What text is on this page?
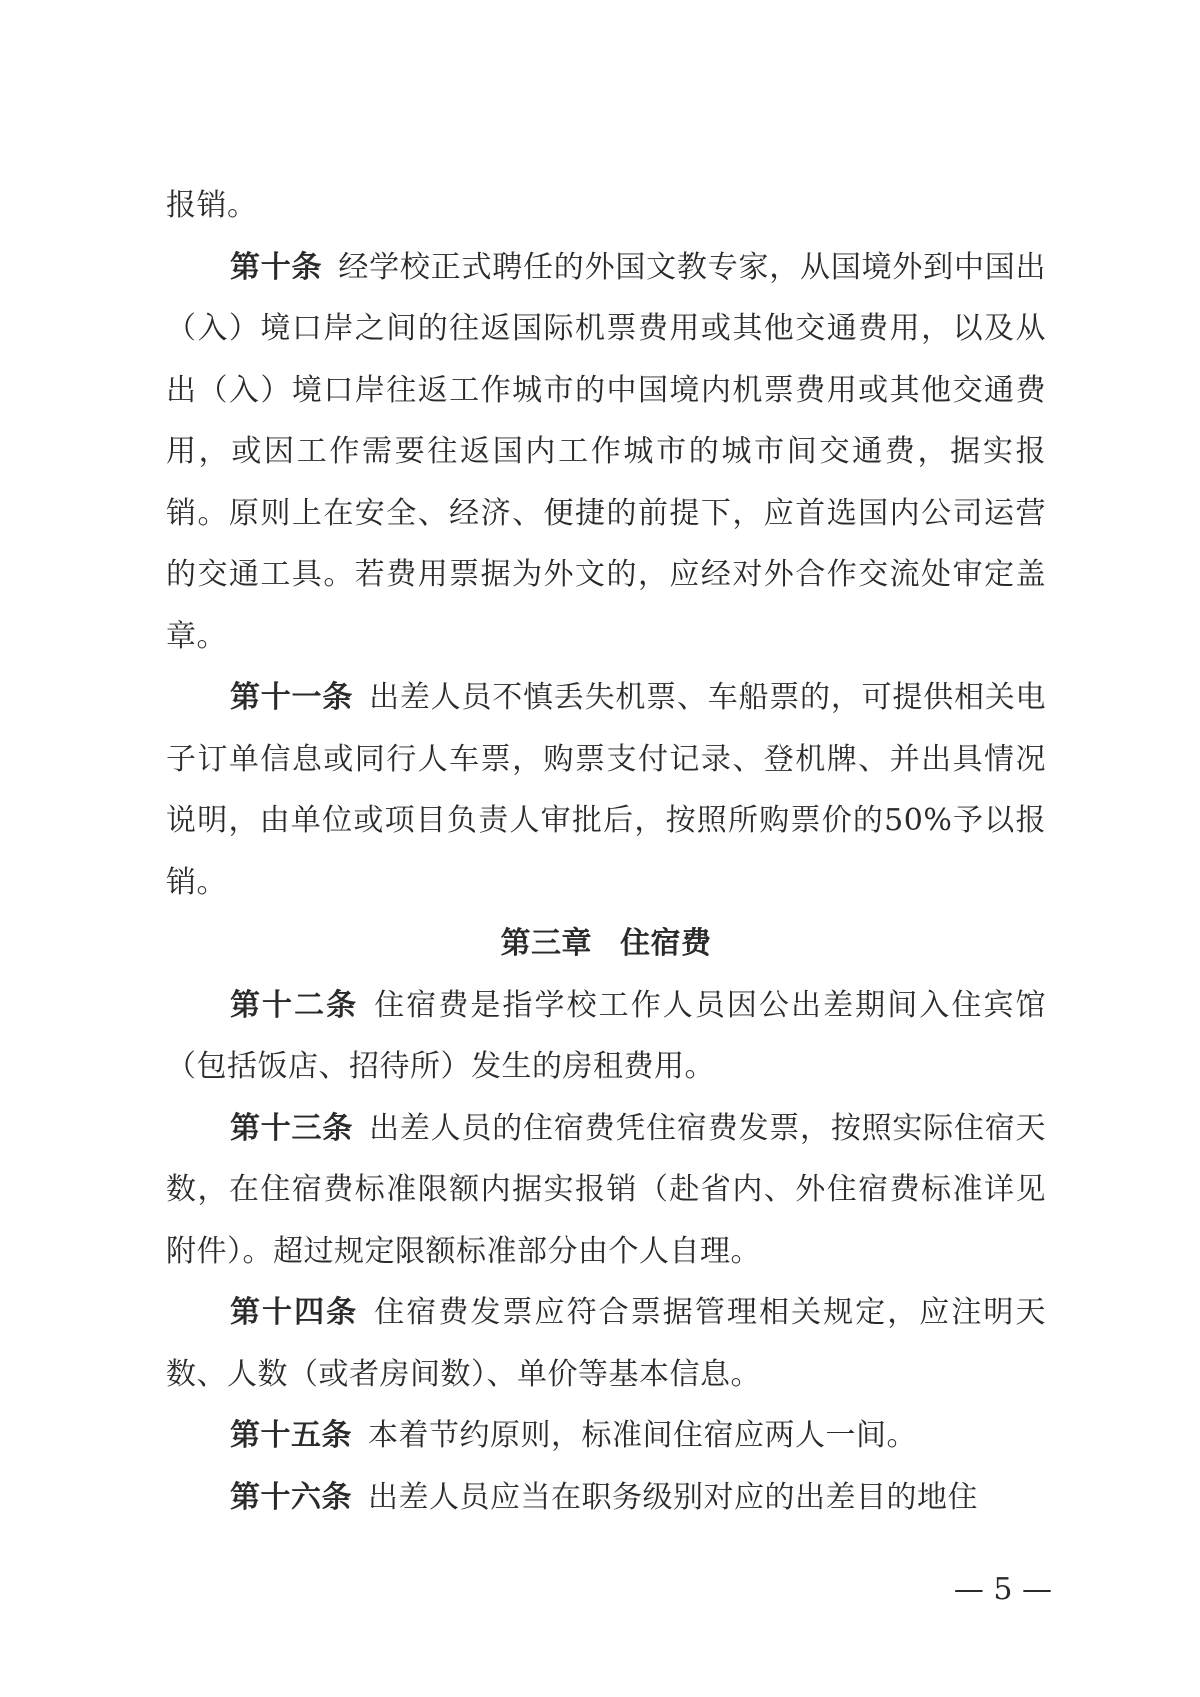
报销。

第十条 经学校正式聘任的外国文教专家，从国境外到中国出（入）境口岸之间的往返国际机票费用或其他交通费用，以及从出（入）境口岸往返工作城市的中国境内机票费用或其他交通费用，或因工作需要往返国内工作城市的城市间交通费，据实报销。原则上在安全、经济、便捷的前提下，应首选国内公司运营的交通工具。若费用票据为外文的，应经对外合作交流处审定盖章。

第十一条 出差人员不慎丢失机票、车船票的，可提供相关电子订单信息或同行人车票，购票支付记录、登机牌、并出具情况说明，由单位或项目负责人审批后，按照所购票价的50%予以报销。

第三章 住宿费

第十二条 住宿费是指学校工作人员因公出差期间入住宾馆（包括饭店、招待所）发生的房租费用。

第十三条 出差人员的住宿费凭住宿费发票，按照实际住宿天数，在住宿费标准限额内据实报销（赴省内、外住宿费标准详见附件）。超过规定限额标准部分由个人自理。

第十四条 住宿费发票应符合票据管理相关规定，应注明天数、人数（或者房间数）、单价等基本信息。

第十五条 本着节约原则，标准间住宿应两人一间。

第十六条 出差人员应当在职务级别对应的出差目的地住

— 5 —
